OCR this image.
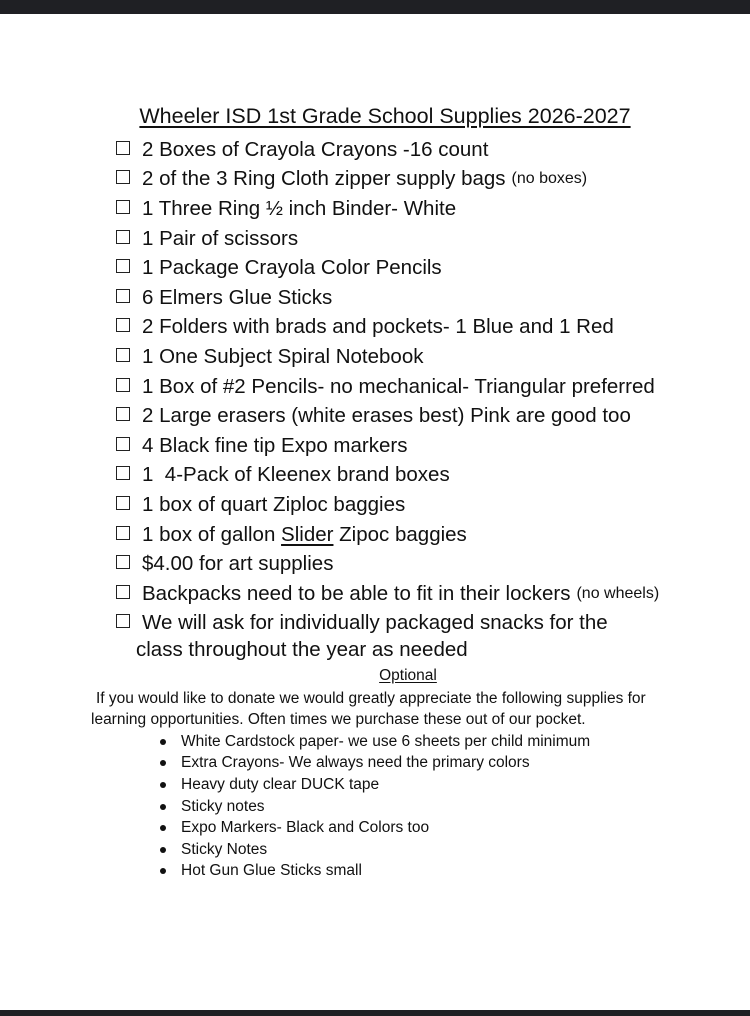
Wheeler ISD 1st Grade School Supplies 2026-2027
2 Boxes of Crayola Crayons -16 count
2 of the 3 Ring Cloth zipper supply bags (no boxes)
1 Three Ring ½ inch Binder- White
1 Pair of scissors
1 Package Crayola Color Pencils
6 Elmers Glue Sticks
2 Folders with brads and pockets- 1 Blue and 1 Red
1 One Subject Spiral Notebook
1 Box of #2 Pencils- no mechanical- Triangular preferred
2 Large erasers (white erases best) Pink are good too
4 Black fine tip Expo markers
1  4-Pack of Kleenex brand boxes
1 box of quart Ziploc baggies
1 box of gallon Slider Zipoc baggies
$4.00 for art supplies
Backpacks need to be able to fit in their lockers (no wheels)
We will ask for individually packaged snacks for the
class throughout the year as needed
Optional
If you would like to donate we would greatly appreciate the following supplies for
learning opportunities. Often times we purchase these out of our pocket.
White Cardstock paper- we use 6 sheets per child minimum
Extra Crayons- We always need the primary colors
Heavy duty clear DUCK tape
Sticky notes
Expo Markers- Black and Colors too
Sticky Notes
Hot Gun Glue Sticks small
